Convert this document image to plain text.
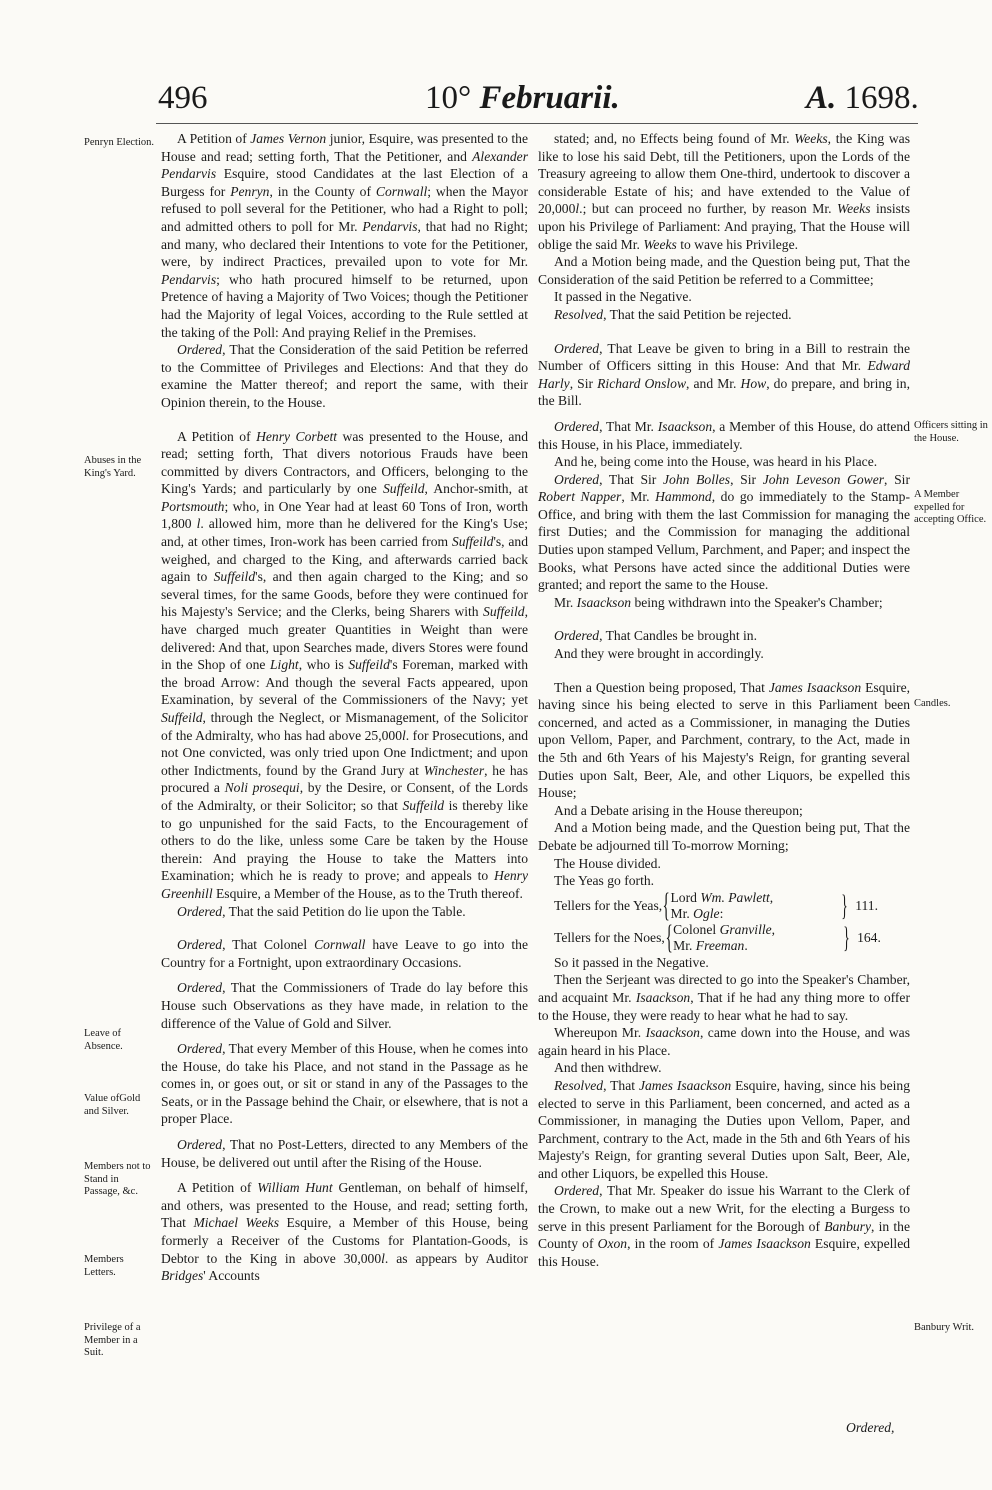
496	10° Februarii.	A. 1698.
Penryn Election.
Abuses in the King's Yard.
Leave of Absence.
Value ofGold and Silver.
Members not to Stand in Passage, &c.
Members Letters.
Privilege of a Member in a Suit.
Officers sitting in the House.
A Member expelled for accepting Office.
Candles.
Banbury Writ.

A Petition of James Vernon junior, Esquire, was presented to the House and read; setting forth, That the Petitioner, and Alexander Pendarvis Esquire, stood Candidates at the last Election of a Burgess for Penryn, in the County of Cornwall; when the Mayor refused to poll several for the Petitioner, who had a Right to poll; and admitted others to poll for Mr. Pendarvis, that had no Right; and many, who declared their Intentions to vote for the Petitioner, were, by indirect Practices, prevailed upon to vote for Mr. Pendarvis; who hath procured himself to be returned, upon Pretence of having a Majority of Two Voices; though the Petitioner had the Majority of legal Voices, according to the Rule settled at the taking of the Poll: And praying Relief in the Premises.

Ordered, That the Consideration of the said Petition be referred to the Committee of Privileges and Elections: And that they do examine the Matter thereof; and report the same, with their Opinion therein, to the House.

A Petition of Henry Corbett was presented to the House, and read; setting forth, That divers notorious Frauds have been committed by divers Contractors, and Officers, belonging to the King's Yards; and particularly by one Suffeild, Anchor-smith, at Portsmouth; who, in One Year had at least 60 Tons of Iron, worth 1,800 l. allowed him, more than he delivered for the King's Use; and, at other times, Iron-work has been carried from Suffeild's, and weighed, and charged to the King, and afterwards carried back again to Suffeild's, and then again charged to the King; and so several times, for the same Goods, before they were continued for his Majesty's Service; and the Clerks, being Sharers with Suffeild, have charged much greater Quantities in Weight than were delivered: And that, upon Searches made, divers Stores were found in the Shop of one Light, who is Suffeild's Foreman, marked with the broad Arrow: And though the several Facts appeared, upon Examination, by several of the Commissioners of the Navy; yet Suffeild, through the Neglect, or Mismanagement, of the Solicitor of the Admiralty, who has had above 25,000l. for Prosecutions, and not One convicted, was only tried upon One Indictment; and upon other Indictments, found by the Grand Jury at Winchester, he has procured a Noli prosequi, by the Desire, or Consent, of the Lords of the Admiralty, or their Solicitor; so that Suffeild is thereby like to go unpunished for the said Facts, to the Encouragement of others to do the like, unless some Care be taken by the House therein: And praying the House to take the Matters into Examination; which he is ready to prove; and appeals to Henry Greenhill Esquire, a Member of the House, as to the Truth thereof.

Ordered, That the said Petition do lie upon the Table.

Ordered, That Colonel Cornwall have Leave to go into the Country for a Fortnight, upon extraordinary Occasions.

Ordered, That the Commissioners of Trade do lay before this House such Observations as they have made, in relation to the difference of the Value of Gold and Silver.

Ordered, That every Member of this House, when he comes into the House, do take his Place, and not stand in the Passage as he comes in, or goes out, or sit or stand in any of the Passages to the Seats, or in the Passage behind the Chair, or elsewhere, that is not a proper Place.

Ordered, That no Post-Letters, directed to any Members of the House, be delivered out until after the Rising of the House.

A Petition of William Hunt Gentleman, on behalf of himself, and others, was presented to the House, and read; setting forth, That Michael Weeks Esquire, a Member of this House, being formerly a Receiver of the Customs for Plantation-Goods, is Debtor to the King in above 30,000l. as appears by Auditor Bridges' Accounts

stated; and, no Effects being found of Mr. Weeks, the King was like to lose his said Debt, till the Petitioners, upon the Lords of the Treasury agreeing to allow them One-third, undertook to discover a considerable Estate of his; and have extended to the Value of 20,000l.; but can proceed no further, by reason Mr. Weeks insists upon his Privilege of Parliament: And praying, That the House will oblige the said Mr. Weeks to wave his Privilege.

And a Motion being made, and the Question being put, That the Consideration of the said Petition be referred to a Committee;

It passed in the Negative.

Resolved, That the said Petition be rejected.

Ordered, That Leave be given to bring in a Bill to restrain the Number of Officers sitting in this House: And that Mr. Edward Harly, Sir Richard Onslow, and Mr. How, do prepare, and bring in, the Bill.

Ordered, That Mr. Isaackson, a Member of this House, do attend this House, in his Place, immediately.

And he, being come into the House, was heard in his Place.

Ordered, That Sir John Bolles, Sir John Leveson Gower, Sir Robert Napper, Mr. Hammond, do go immediately to the Stamp-Office, and bring with them the last Commission for managing the first Duties; and the Commission for managing the additional Duties upon stamped Vellum, Parchment, and Paper; and inspect the Books, what Persons have acted since the additional Duties were granted; and report the same to the House.

Mr. Isaackson being withdrawn into the Speaker's Chamber;

Ordered, That Candles be brought in.

And they were brought in accordingly.

Then a Question being proposed, That James Isaackson Esquire, having since his being elected to serve in this Parliament been concerned, and acted as a Commissioner, in managing the Duties upon Vellom, Paper, and Parchment, contrary, to the Act, made in the 5th and 6th Years of his Majesty's Reign, for granting several Duties upon Salt, Beer, Ale, and other Liquors, be expelled this House;

And a Debate arising in the House thereupon;

And a Motion being made, and the Question being put, That the Debate be adjourned till To-morrow Morning;

The House divided.

The Yeas go forth.

Tellers for the Yeas, { Lord Wm. Pawlett,
Mr. Ogle:	} 111.
Tellers for the Noes, { Colonel Granville,
Mr. Freeman.	} 164.

So it passed in the Negative.

Then the Serjeant was directed to go into the Speaker's Chamber, and acquaint Mr. Isaackson, That if he had any thing more to offer to the House, they were ready to hear what he had to say.

Whereupon Mr. Isaackson, came down into the House, and was again heard in his Place.

And then withdrew.

Resolved, That James Isaackson Esquire, having, since his being elected to serve in this Parliament, been concerned, and acted as a Commissioner, in managing the Duties upon Vellom, Paper, and Parchment, contrary to the Act, made in the 5th and 6th Years of his Majesty's Reign, for granting several Duties upon Salt, Beer, Ale, and other Liquors, be expelled this House.

Ordered, That Mr. Speaker do issue his Warrant to the Clerk of the Crown, to make out a new Writ, for the electing a Burgess to serve in this present Parliament for the Borough of Banbury, in the County of Oxon, in the room of James Isaackson Esquire, expelled this House.

Ordered,
